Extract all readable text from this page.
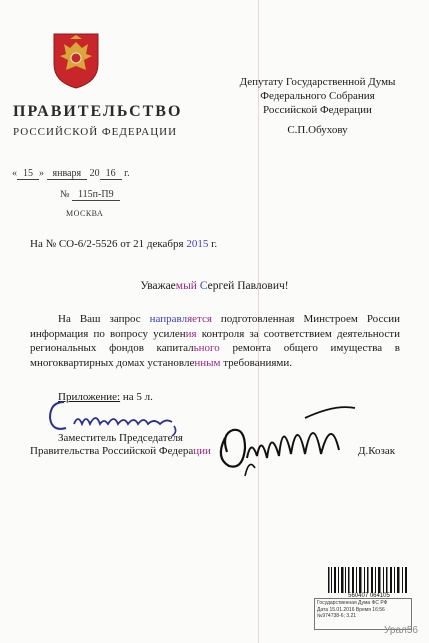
ПРАВИТЕЛЬСТВО
РОССИЙСКОЙ ФЕДЕРАЦИИ
« 15 » января 20 16 г.
№ 115п-П9
МОСКВА
Депутату Государственной Думы
Федерального Собрания
Российской Федерации
С.П.Обухову
На № СО-6/2-5526 от 21 декабря 2015 г.
Уважаемый Сергей Павлович!
На Ваш запрос направляется подготовленная Минстроем России информация по вопросу усиления контроля за соответствием деятельности региональных фондов капитального ремонта общего имущества в многоквартирных домах установленным требованиями.
Приложение: на 5 л.
Заместитель Председателя
Правительства Российской Федерации	Д.Козак
560407 064105
Государственная Дума ФС РФ
Дата 15.01.2016 Время 16:56
№974738-6; 3.21
Урал56
